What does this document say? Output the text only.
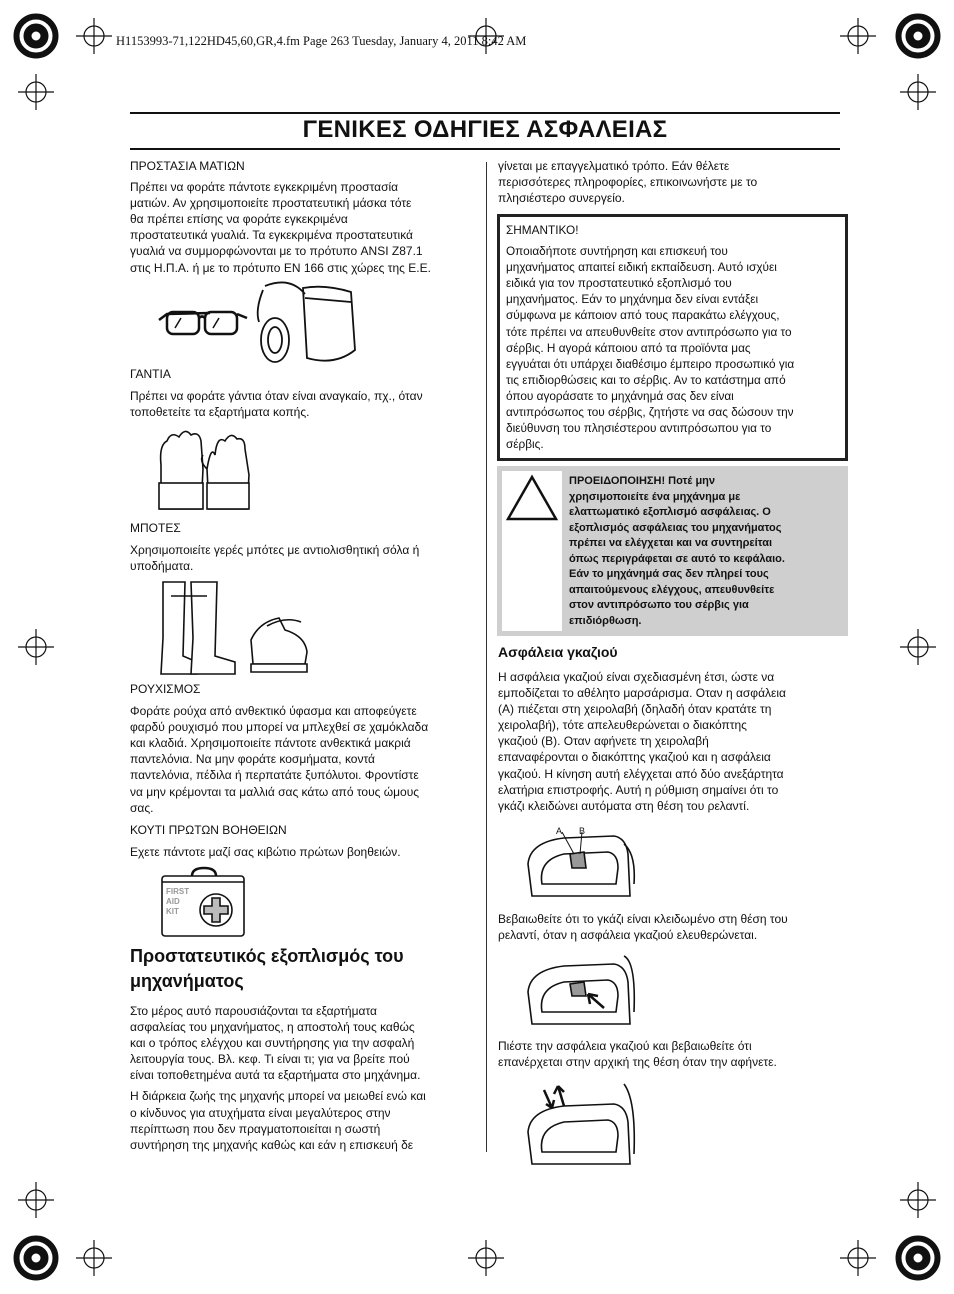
H1153993-71,122HD45,60,GR,4.fm Page 263 Tuesday, January 4, 2011 8:42 AM
ΓΕΝΙΚΕΣ ΟΔΗΓΙΕΣ ΑΣΦΑΛΕΙΑΣ

ΠΡΟΣΤΑΣΙΑ ΜΑΤΙΩΝ

Πρέπει να φοράτε πάντοτε εγκεκριμένη προστασία
ματιών. Αν χρησιμοποιείτε προστατευτική μάσκα τότε
θα πρέπει επίσης να φοράτε εγκεκριμένα
προστατευτικά γυαλιά. Τα εγκεκριμένα προστατευτικά
γυαλιά να συμμορφώνονται με το πρότυπο ANSI Z87.1
στις Η.Π.Α. ή με το πρότυπο EN 166 στις χώρες της Ε.Ε.

ΓΑΝΤΙΑ

Πρέπει να φοράτε γάντια όταν είναι αναγκαίο, πχ., όταν
τοποθετείτε τα εξαρτήματα κοπής.

ΜΠΟΤΕΣ

Χρησιμοποιείτε γερές μπότες με αντιολισθητική σόλα ή
υποδήματα.

ΡΟΥΧΙΣΜΟΣ

Φοράτε ρούχα από ανθεκτικό ύφασμα και αποφεύγετε
φαρδύ ρουχισμό που μπορεί να μπλεχθεί σε χαμόκλαδα
και κλαδιά. Χρησιμοποιείτε πάντοτε ανθεκτικά μακριά
παντελόνια. Να μην φοράτε κοσμήματα, κοντά
παντελόνια, πέδιλα ή περπατάτε ξυπόλυτοι. Φροντίστε
να μην κρέμονται τα μαλλιά σας κάτω από τους ώμους
σας.

ΚΟΥΤΙ ΠΡΩΤΩΝ ΒΟΗΘΕΙΩΝ

Εχετε πάντοτε μαζί σας κιβώτιο πρώτων βοηθειών.
FIRST
AID
KIT
Προστατευτικός εξοπλισμός του
μηχανήματος
Στο μέρος αυτό παρουσιάζονται τα εξαρτήματα
ασφαλείας του μηχανήματος, η αποστολή τους καθώς
και ο τρόπος ελέγχου και συντήρησης για την ασφαλή
λειτουργία τους. Βλ. κεφ. Τι είναι τι; για να βρείτε πού
είναι τοποθετημένα αυτά τα εξαρτήματα στο μηχάνημα.
Η διάρκεια ζωής της μηχανής μπορεί να μειωθεί ενώ και
ο κίνδυνος για ατυχήματα είναι μεγαλύτερος στην
περίπτωση που δεν πραγματοποιείται η σωστή
συντήρηση της μηχανής καθώς και εάν η επισκευή δε
γίνεται με επαγγελματικό τρόπο. Εάν θέλετε
περισσότερες πληροφορίες, επικοινωνήστε με το
πλησιέστερο συνεργείο.
ΣΗΜΑΝΤΙΚΟ!
Οποιαδήποτε συντήρηση και επισκευή του
μηχανήματος απαιτεί ειδική εκπαίδευση. Αυτό ισχύει
ειδικά για τον προστατευτικό εξοπλισμό του
μηχανήματος. Εάν το μηχάνημα δεν είναι εντάξει
σύμφωνα με κάποιον από τους παρακάτω ελέγχους,
τότε πρέπει να απευθυνθείτε στον αντιπρόσωπο για το
σέρβις. Η αγορά κάποιου από τα προϊόντα μας
εγγυάται ότι υπάρχει διαθέσιμο έμπειρο προσωπικό για
τις επιδιορθώσεις και το σέρβις. Αν το κατάστημα από
όπου αγοράσατε το μηχάνημά σας δεν είναι
αντιπρόσωπος του σέρβις, ζητήστε να σας δώσουν την
διεύθυνση του πλησιέστερου αντιπρόσωπου για το
σέρβις.
ΠΡΟΕΙΔΟΠΟΙΗΣΗ! Ποτέ μην
χρησιμοποιείτε ένα μηχάνημα με
ελαττωματικό εξοπλισμό ασφάλειας. Ο
εξοπλισμός ασφάλειας του μηχανήματος
πρέπει να ελέγχεται και να συντηρείται
όπως περιγράφεται σε αυτό το κεφάλαιο.
Εάν το μηχάνημά σας δεν πληρεί τους
απαιτούμενους ελέγχους, απευθυνθείτε
στον αντιπρόσωπο του σέρβις για
επιδιόρθωση.
Ασφάλεια γκαζιού
Η ασφάλεια γκαζιού είναι σχεδιασμένη έτσι, ώστε να
εμποδίζεται το αθέλητο μαρσάρισμα. Οταν η ασφάλεια
(A) πιέζεται στη χειρολαβή (δηλαδή όταν κρατάτε τη
χειρολαβή), τότε απελευθερώνεται ο διακόπτης
γκαζιού (B). Οταν αφήνετε τη χειρολαβή
επαναφέρονται ο διακόπτης γκαζιού και η ασφάλεια
γκαζιού. Η κίνηση αυτή ελέγχεται από δύο ανεξάρτητα
ελατήρια επιστροφής. Αυτή η ρύθμιση σημαίνει ότι το
γκάζι κλειδώνει αυτόματα στη θέση του ρελαντί.
A B
Βεβαιωθείτε ότι το γκάζι είναι κλειδωμένο στη θέση του
ρελαντί, όταν η ασφάλεια γκαζιού ελευθερώνεται.
Πιέστε την ασφάλεια γκαζιού και βεβαιωθείτε ότι
επανέρχεται στην αρχική της θέση όταν την αφήνετε.
